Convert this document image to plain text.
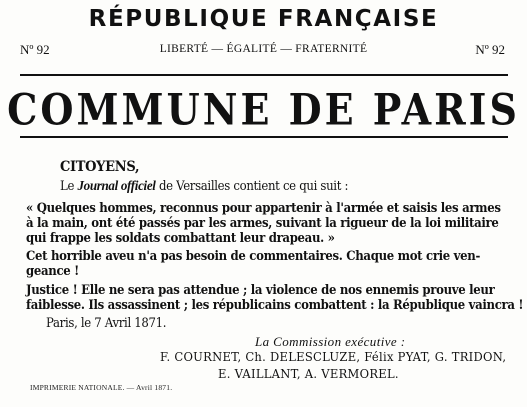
RÉPUBLIQUE FRANÇAISE
Nº 92	LIBERTÉ — ÉGALITÉ — FRATERNITÉ	Nº 92
COMMUNE DE PARIS
CITOYENS,
Le Journal officiel de Versailles contient ce qui suit :
« Quelques hommes, reconnus pour appartenir à l'armée et saisis les armes
à la main, ont été passés par les armes, suivant la rigueur de la loi militaire
qui frappe les soldats combattant leur drapeau. »
Cet horrible aveu n'a pas besoin de commentaires. Chaque mot crie ven-
geance !
Justice ! Elle ne sera pas attendue ; la violence de nos ennemis prouve leur
faiblesse. Ils assassinent ; les républicains combattent : la République vaincra !
Paris, le 7 Avril 1871.
La Commission exécutive :
F. COURNET, Ch. DELESCLUZE, Félix PYAT, G. TRIDON,
E. VAILLANT, A. VERMOREL.
IMPRIMERIE NATIONALE. — Avril 1871.
